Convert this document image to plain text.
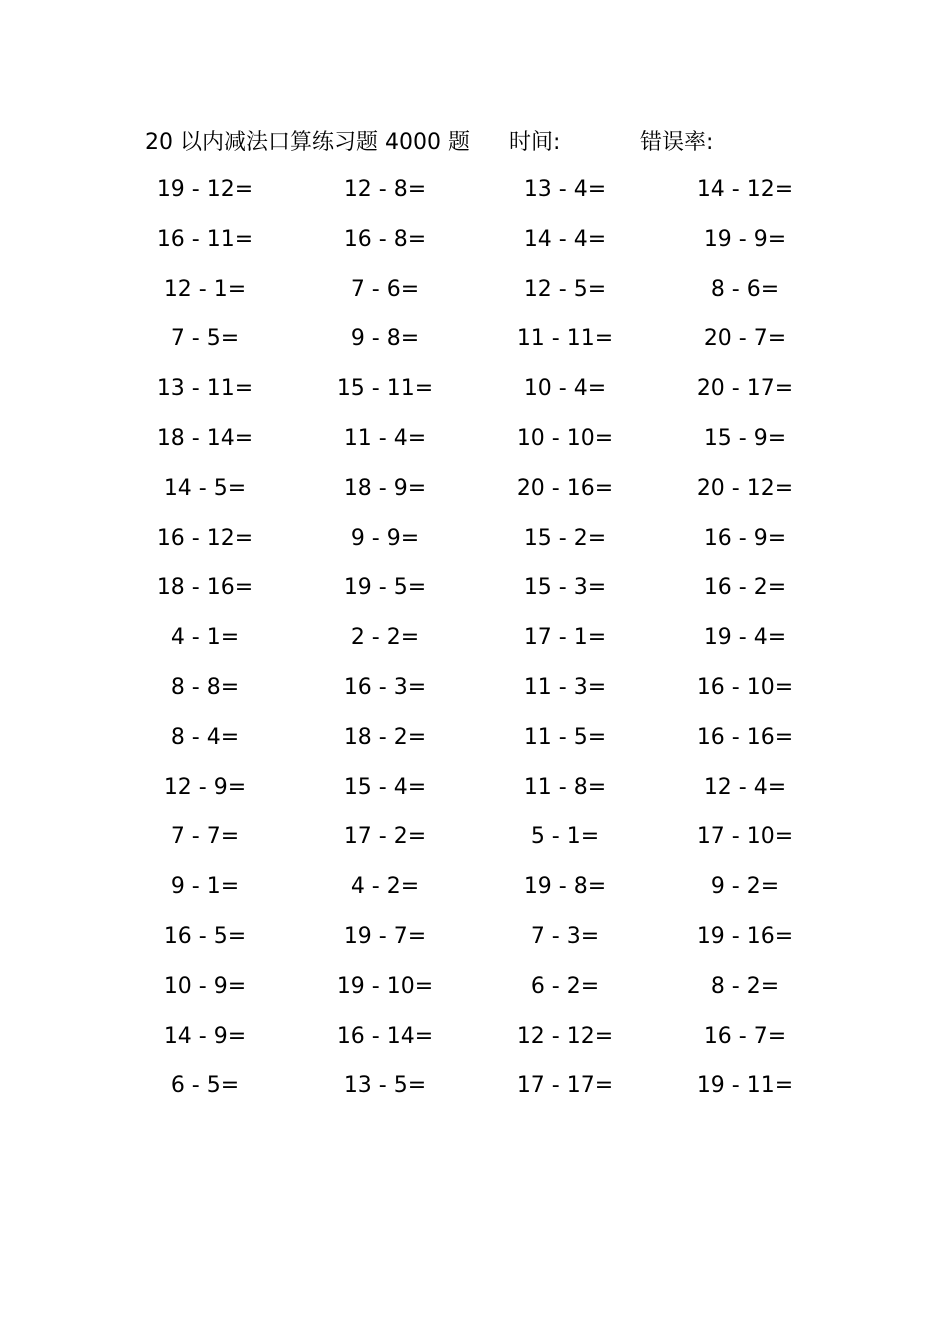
20 以内减法口算练习题 4000 题 时间:	错误率:
19 - 12=	12 - 8=	13 - 4=	14 - 12=
16 - 11=	16 - 8=	14 - 4=	19 - 9=
12 - 1=	7 - 6=	12 - 5=	8 - 6=
7 - 5=	9 - 8=	11 - 11=	20 - 7=
13 - 11=	15 - 11=	10 - 4=	20 - 17=
18 - 14=	11 - 4=	10 - 10=	15 - 9=
14 - 5=	18 - 9=	20 - 16=	20 - 12=
16 - 12=	9 - 9=	15 - 2=	16 - 9=
18 - 16=	19 - 5=	15 - 3=	16 - 2=
4 - 1=	2 - 2=	17 - 1=	19 - 4=
8 - 8=	16 - 3=	11 - 3=	16 - 10=
8 - 4=	18 - 2=	11 - 5=	16 - 16=
12 - 9=	15 - 4=	11 - 8=	12 - 4=
7 - 7=	17 - 2=	5 - 1=	17 - 10=
9 - 1=	4 - 2=	19 - 8=	9 - 2=
16 - 5=	19 - 7=	7 - 3=	19 - 16=
10 - 9=	19 - 10=	6 - 2=	8 - 2=
14 - 9=	16 - 14=	12 - 12=	16 - 7=
6 - 5=	13 - 5=	17 - 17=	19 - 11=
